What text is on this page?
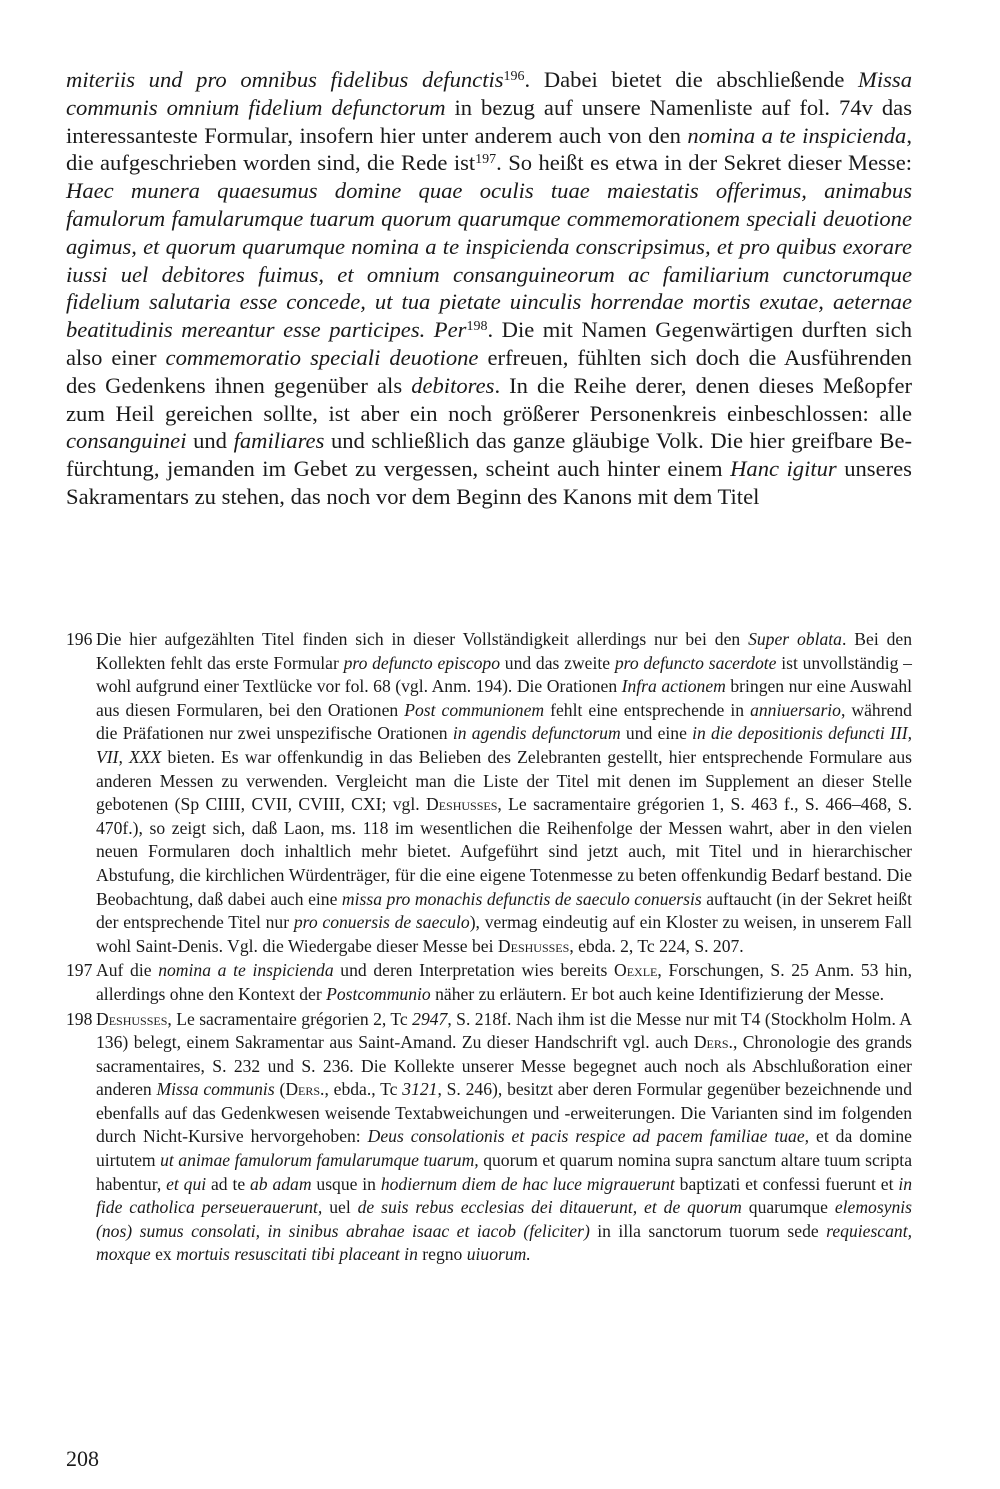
miteriis und pro omnibus fidelibus defunctis$^{196}$. Dabei bietet die abschließende Missa communis omnium fidelium defunctorum in bezug auf unsere Namenliste auf fol. 74v das interessanteste Formular, insofern hier unter anderem auch von den nomina a te inspicienda, die aufgeschrieben worden sind, die Rede ist$^{197}$. So heißt es etwa in der Sekret dieser Messe: Haec munera quaesumus domine quae oculis tuae maiestatis offerimus, animabus famulorum famularumque tuarum quorum quarumque commemorationem speciali deuotione agimus, et quorum quarumque nomina a te inspicienda conscripsimus, et pro quibus exorare iussi uel debitores fuimus, et omnium consanguineorum ac familiarium cunctorumque fidelium salutaria esse concede, ut tua pietate uinculis horrendae mortis exutae, aeternae beatitudinis mereantur esse participes. Per$^{198}$. Die mit Namen Gegenwärtigen durften sich also einer commemoratio speciali deuotione erfreuen, fühlten sich doch die Ausführenden des Gedenkens ihnen gegenüber als debitores. In die Reihe derer, denen dieses Meßopfer zum Heil gereichen sollte, ist aber ein noch größerer Personenkreis einbeschlossen: alle consanguinei und familiares und schließlich das ganze gläubige Volk. Die hier greifbare Befürchtung, jemanden im Gebet zu vergessen, scheint auch hinter einem Hanc igitur unseres Sakramentars zu stehen, das noch vor dem Beginn des Kanons mit dem Titel

196 Die hier aufgezählten Titel finden sich in dieser Vollständigkeit allerdings nur bei den Super oblata. Bei den Kollekten fehlt das erste Formular pro defuncto episcopo und das zweite pro defuncto sacerdote ist unvollständig – wohl aufgrund einer Textlücke vor fol. 68 (vgl. Anm. 194). Die Orationen Infra actionem bringen nur eine Auswahl aus diesen Formularen, bei den Orationen Post communionem fehlt eine entsprechende in anniuersario, während die Präfationen nur zwei unspezifische Orationen in agendis defunctorum und eine in die depositionis defuncti III, VII, XXX bieten. Es war offenkundig in das Belieben des Zelebranten gestellt, hier entsprechende Formulare aus anderen Messen zu verwenden. Vergleicht man die Liste der Titel mit denen im Supplement an dieser Stelle gebotenen (Sp CIIII, CVII, CVIII, CXI; vgl. Deshusses, Le sacramentaire grégorien 1, S. 463 f., S. 466–468, S. 470f.), so zeigt sich, daß Laon, ms. 118 im wesentlichen die Reihenfolge der Messen wahrt, aber in den vielen neuen Formularen doch inhaltlich mehr bietet. Aufgeführt sind jetzt auch, mit Titel und in hierarchischer Abstufung, die kirchlichen Würdenträger, für die eine eigene Totenmesse zu beten offenkundig Bedarf bestand. Die Beobachtung, daß dabei auch eine missa pro monachis defunctis de saeculo conuersis auftaucht (in der Sekret heißt der entsprechende Titel nur pro conuersis de saeculo), vermag eindeutig auf ein Kloster zu weisen, in unserem Fall wohl Saint-Denis. Vgl. die Wiedergabe dieser Messe bei Deshusses, ebda. 2, Tc 224, S. 207.
197 Auf die nomina a te inspicienda und deren Interpretation wies bereits Oexle, Forschungen, S. 25 Anm. 53 hin, allerdings ohne den Kontext der Postcommunio näher zu erläutern. Er bot auch keine Identifizierung der Messe.
198 Deshusses, Le sacramentaire grégorien 2, Tc 2947, S. 218f. Nach ihm ist die Messe nur mit T4 (Stockholm Holm. A 136) belegt, einem Sakramentar aus Saint-Amand. Zu dieser Handschrift vgl. auch Ders., Chronologie des grands sacramentaires, S. 232 und S. 236. Die Kollekte unserer Messe begegnet auch noch als Abschlußoration einer anderen Missa communis (Ders., ebda., Tc 3121, S. 246), besitzt aber deren Formular gegenüber bezeichnende und ebenfalls auf das Gedenkwesen weisende Textabweichungen und -erweiterungen. Die Varianten sind im folgenden durch Nicht-Kursive hervorgehoben: Deus consolationis et pacis respice ad pacem familiae tuae, et da domine uirtutem ut animae famulorum famularumque tuarum, quorum et quarum nomina supra sanctum altare tuum scripta habentur, et qui ad te ab adam usque in hodiernum diem de hac luce migrauerunt baptizati et confessi fuerunt et in fide catholica perseuerauerunt, uel de suis rebus ecclesias dei ditauerunt, et de quorum quarumque elemosynis (nos) sumus consolati, in sinibus abrahae isaac et iacob (feliciter) in illa sanctorum tuorum sede requiescant, moxque ex mortuis resuscitati tibi placeant in regno uiuorum.
208
